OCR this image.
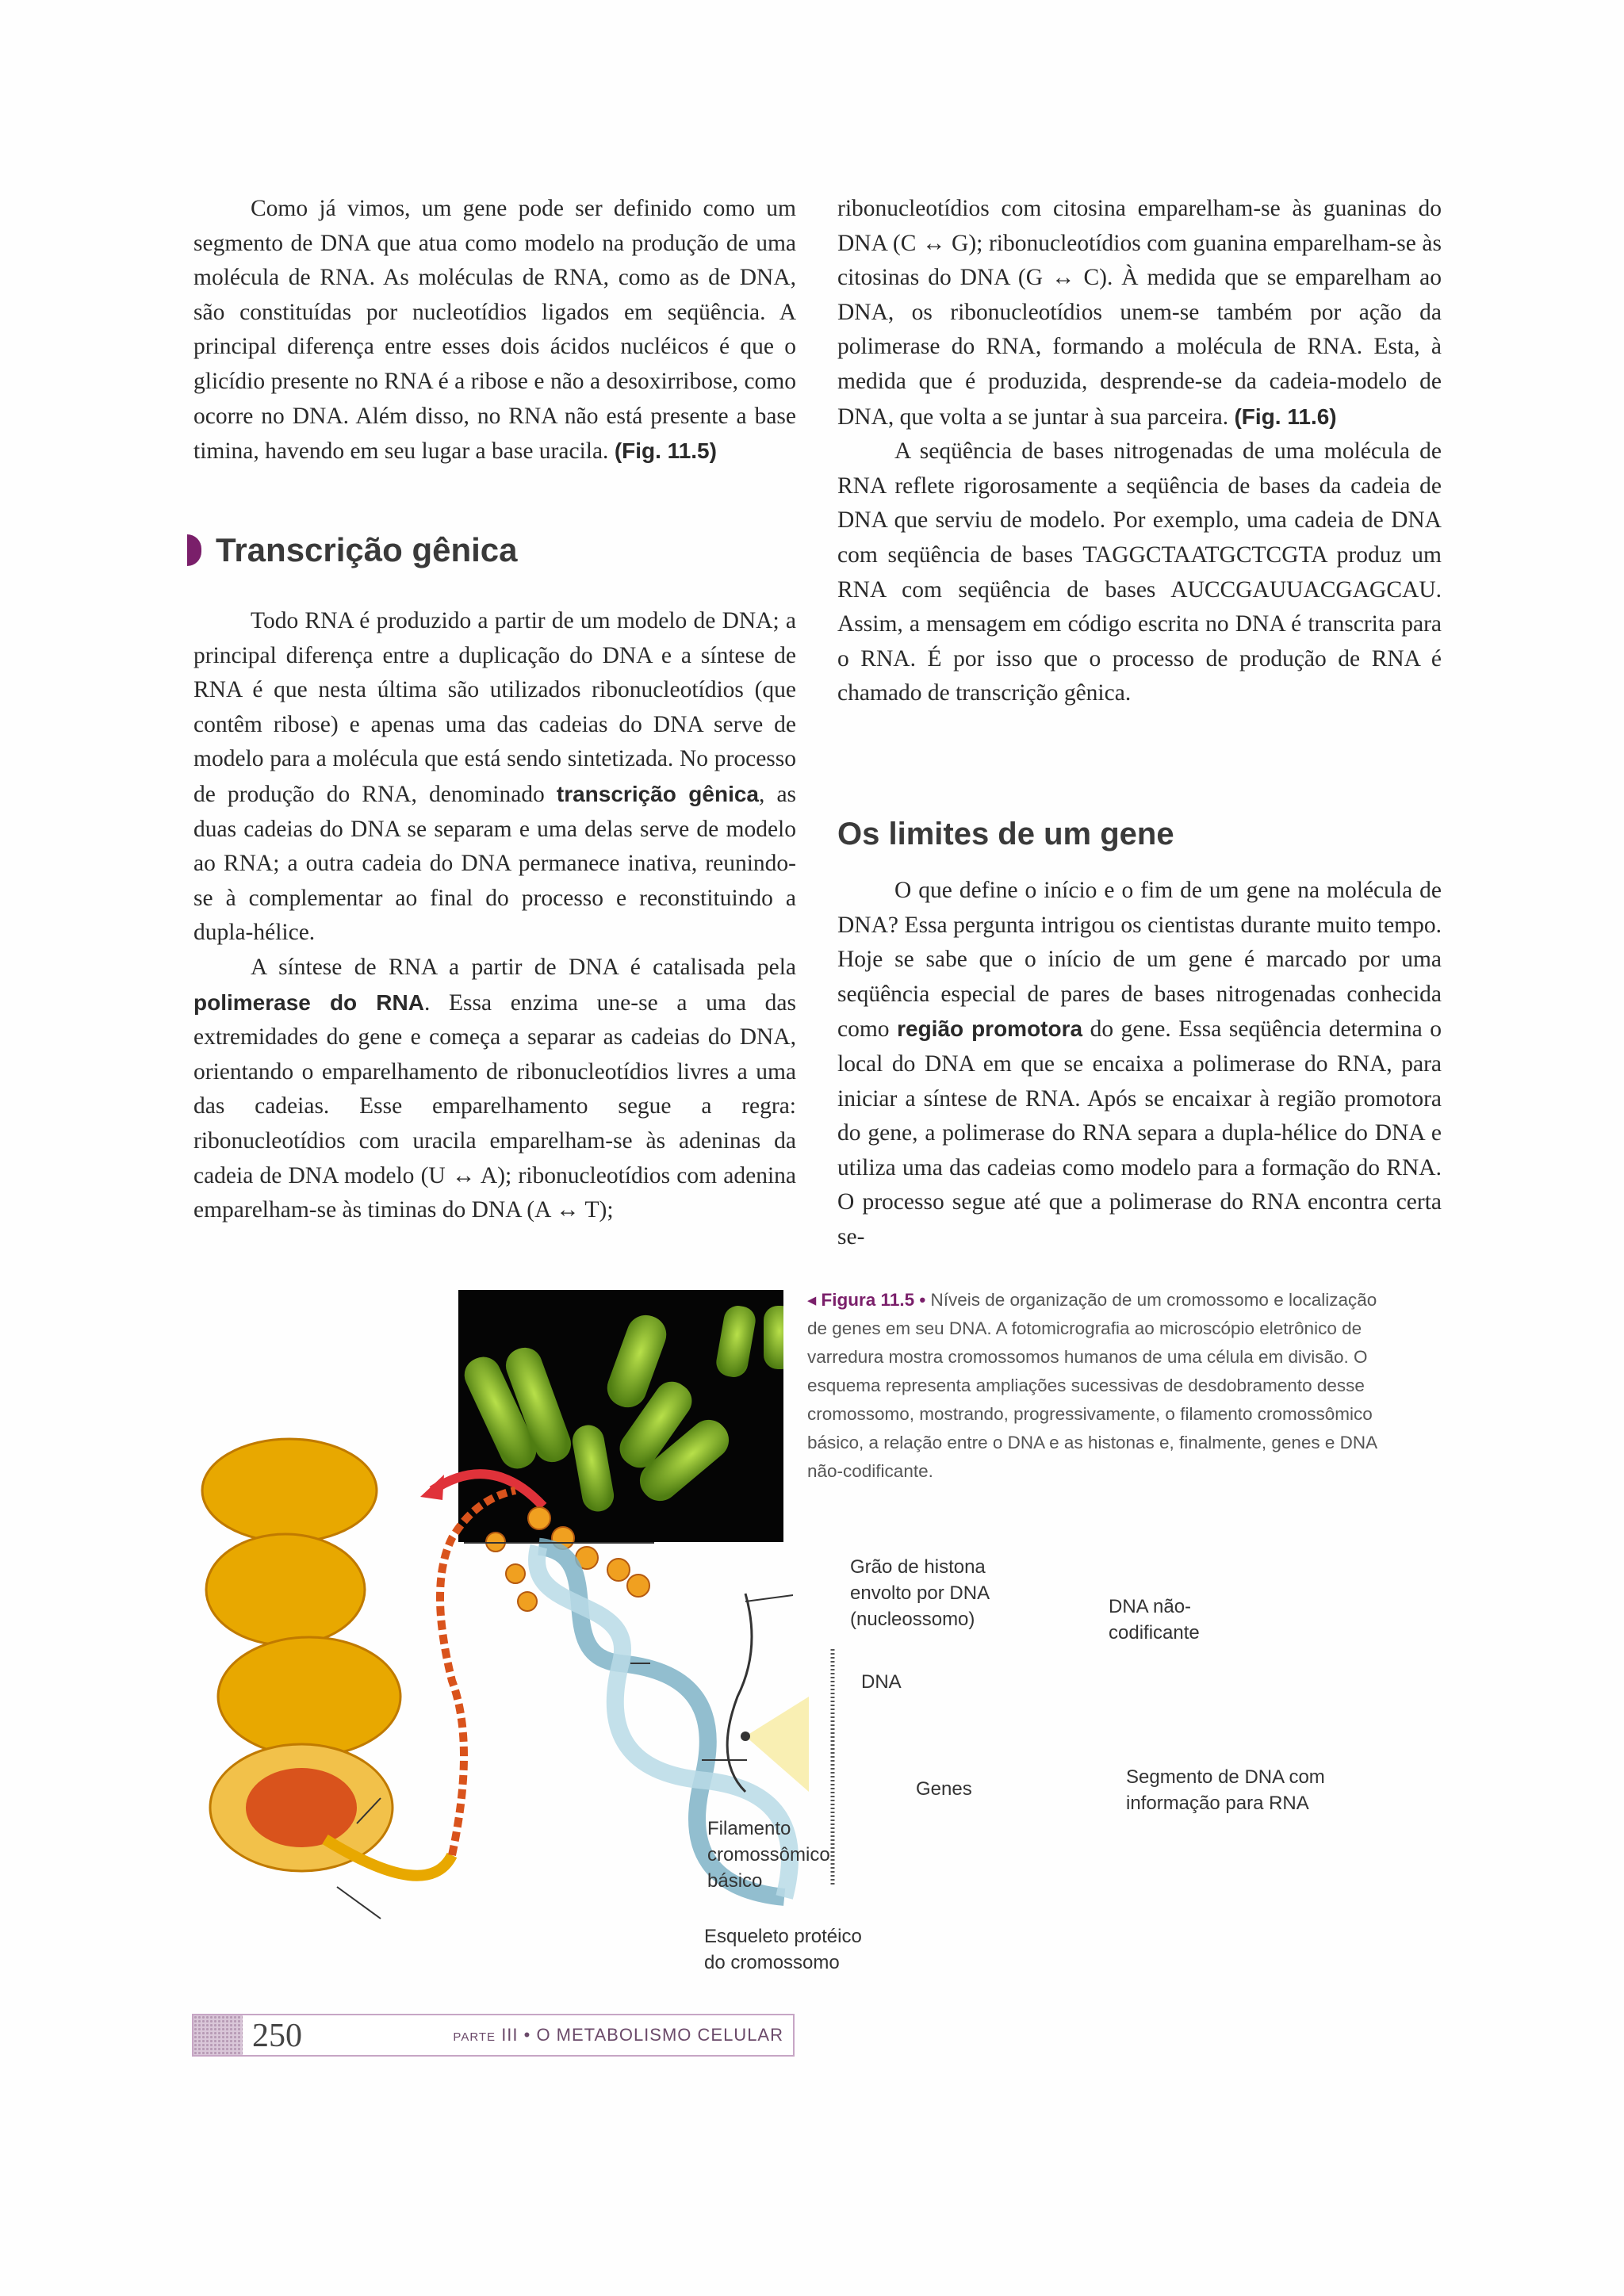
Como já vimos, um gene pode ser definido como um segmento de DNA que atua como modelo na produção de uma molécula de RNA. As moléculas de RNA, como as de DNA, são constituídas por nucleotídios ligados em seqüência. A principal diferença entre esses dois ácidos nucléicos é que o glicídio presente no RNA é a ribose e não a desoxirribose, como ocorre no DNA. Além disso, no RNA não está presente a base timina, havendo em seu lugar a base uracila. (Fig. 11.5)

Transcrição gênica

Todo RNA é produzido a partir de um modelo de DNA; a principal diferença entre a duplicação do DNA e a síntese de RNA é que nesta última são utilizados ribonucleotídios (que contêm ribose) e apenas uma das cadeias do DNA serve de modelo para a molécula que está sendo sintetizada. No processo de produção do RNA, denominado transcrição gênica, as duas cadeias do DNA se separam e uma delas serve de modelo ao RNA; a outra cadeia do DNA permanece inativa, reunindo-se à complementar ao final do processo e reconstituindo a dupla-hélice.

A síntese de RNA a partir de DNA é catalisada pela polimerase do RNA. Essa enzima une-se a uma das extremidades do gene e começa a separar as cadeias do DNA, orientando o emparelhamento de ribonucleotídios livres a uma das cadeias. Esse emparelhamento segue a regra: ribonucleotídios com uracila emparelham-se às adeninas da cadeia de DNA modelo (U ↔ A); ribonucleotídios com adenina emparelham-se às timinas do DNA (A ↔ T);

ribonucleotídios com citosina emparelham-se às guaninas do DNA (C ↔ G); ribonucleotídios com guanina emparelham-se às citosinas do DNA (G ↔ C). À medida que se emparelham ao DNA, os ribonucleotídios unem-se também por ação da polimerase do RNA, formando a molécula de RNA. Esta, à medida que é produzida, desprende-se da cadeia-modelo de DNA, que volta a se juntar à sua parceira. (Fig. 11.6)

A seqüência de bases nitrogenadas de uma molécula de RNA reflete rigorosamente a seqüência de bases da cadeia de DNA que serviu de modelo. Por exemplo, uma cadeia de DNA com seqüência de bases TAGGCTAATGCTCGTA produz um RNA com seqüência de bases AUCCGAUUACGAGCAU. Assim, a mensagem em código escrita no DNA é transcrita para o RNA. É por isso que o processo de produção de RNA é chamado de transcrição gênica.

Os limites de um gene

O que define o início e o fim de um gene na molécula de DNA? Essa pergunta intrigou os cientistas durante muito tempo. Hoje se sabe que o início de um gene é marcado por uma seqüência especial de pares de bases nitrogenadas conhecida como região promotora do gene. Essa seqüência determina o local do DNA em que se encaixa a polimerase do RNA, para iniciar a síntese de RNA. Após se encaixar à região promotora do gene, a polimerase do RNA separa a dupla-hélice do DNA e utiliza uma das cadeias como modelo para a formação do RNA. O processo segue até que a polimerase do RNA encontra certa se-

Grão de histona
envolto por DNA
(nucleossomo)
DNA não-
codificante
DNA
Genes
Segmento de DNA com
informação para RNA
Filamento
cromossômico
básico
Esqueleto protéico
do cromossomo
◂ Figura 11.5 • Níveis de organização de um cromossomo e localização de genes em seu DNA. A fotomicrografia ao microscópio eletrônico de varredura mostra cromossomos humanos de uma célula em divisão. O esquema representa ampliações sucessivas de desdobramento desse cromossomo, mostrando, progressivamente, o filamento cromossômico básico, a relação entre o DNA e as histonas e, finalmente, genes e DNA não-codificante.
250	PARTE III • O METABOLISMO CELULAR
